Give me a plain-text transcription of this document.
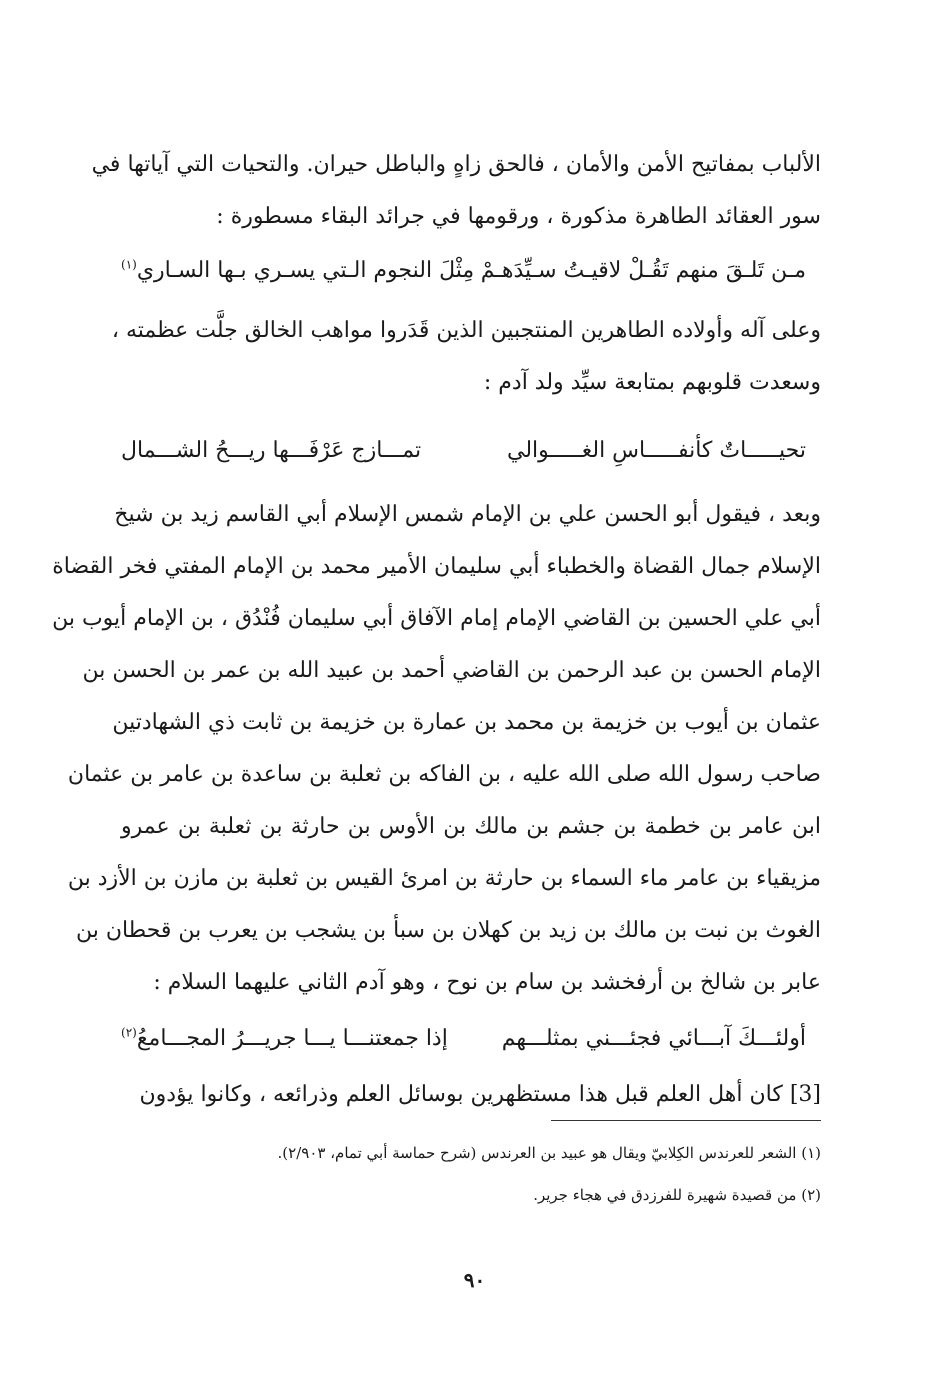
الألباب بمفاتيح الأمن والأمان ، فالحق زاهٍ والباطل حيران. والتحيات التي آياتها في
سور العقائد الطاهرة مذكورة ، ورقومها في جرائد البقاء مسطورة :
مـن تَلـقَ منهم تَقُـلْ لاقيـتُ سـيِّدَهـمْ
مِثْلَ النجوم الـتي يسـري بـها السـاري$^{(١)}$
وعلى آله وأولاده الطاهرين المنتجبين الذين قَدَروا مواهب الخالق جلَّت عظمته ،
وسعدت قلوبهم بمتابعة سيِّد ولد آدم :
تحيـــــاتٌ كأنفـــــاسِ الغـــــوالي
تمـــازج عَرْفَـــها ريـــحُ الشـــمال
وبعد ، فيقول أبو الحسن علي بن الإمام شمس الإسلام أبي القاسم زيد بن شيخ
الإسلام جمال القضاة والخطباء أبي سليمان الأمير محمد بن الإمام المفتي فخر القضاة
أبي علي الحسين بن القاضي الإمام إمام الآفاق أبي سليمان فُنْدُق ، بن الإمام أيوب بن
الإمام الحسن بن عبد الرحمن بن القاضي أحمد بن عبيد الله بن عمر بن الحسن بن
عثمان بن أيوب بن خزيمة بن محمد بن عمارة بن خزيمة بن ثابت ذي الشهادتين
صاحب رسول الله صلى الله عليه ، بن الفاكه بن ثعلبة بن ساعدة بن عامر بن عثمان
ابن عامر بن خطمة بن جشم بن مالك بن الأوس بن حارثة بن ثعلبة بن عمرو
مزيقياء بن عامر ماء السماء بن حارثة بن امرئ القيس بن ثعلبة بن مازن بن الأزد بن
الغوث بن نبت بن مالك بن زيد بن كهلان بن سبأ بن يشجب بن يعرب بن قحطان بن
عابر بن شالخ بن أرفخشد بن سام بن نوح ، وهو آدم الثاني عليهما السلام :
أولئـــكَ آبـــائي فجئـــني بمثلـــهم
إذا جمعتنـــا يـــا جريـــرُ المجـــامعُ$^{(٢)}$
[3] كان أهل العلم قبل هذا مستظهرين بوسائل العلم وذرائعه ، وكانوا يؤدون
(١) الشعر للعرندس الكِلابيّ ويقال هو عبيد بن العرندس (شرح حماسة أبي تمام، ٢/٩٠٣).
(٢) من قصيدة شهيرة للفرزدق في هجاء جرير.
٩٠
